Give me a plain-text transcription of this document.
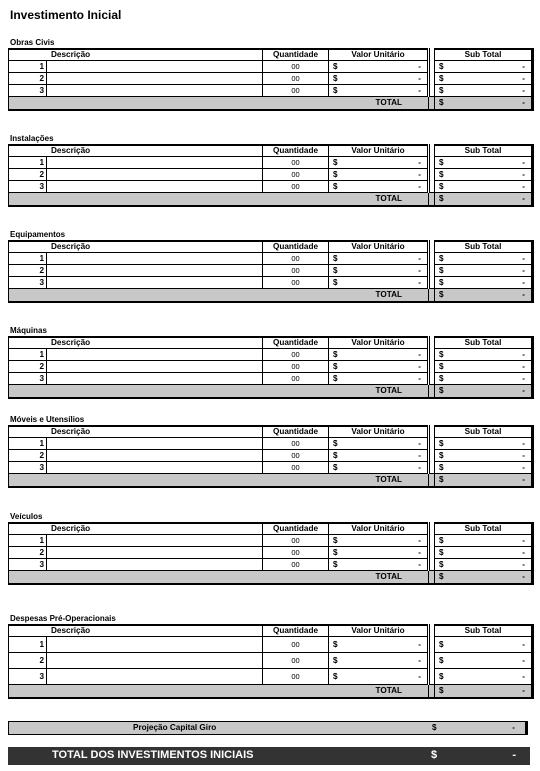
Investimento Inicial
Obras Civis
Descrição		Quantidade	Valor Unitário		Sub Total
1		00	$ -		$ -

2		00	$ -		$ -

3		00	$ -		$ -

TOTAL					$ -
Instalações
Descrição		Quantidade	Valor Unitário		Sub Total
1		00	$ -		$ -

2		00	$ -		$ -

3		00	$ -		$ -

TOTAL					$ -
Equipamentos
Descrição		Quantidade	Valor Unitário		Sub Total
1		00	$ -		$ -

2		00	$ -		$ -

3		00	$ -		$ -

TOTAL					$ -
Máquinas
Descrição		Quantidade	Valor Unitário		Sub Total
1		00	$ -		$ -

2		00	$ -		$ -

3		00	$ -		$ -

TOTAL					$ -
Móveis e Utensílios
Descrição		Quantidade	Valor Unitário		Sub Total
1		00	$ -		$ -

2		00	$ -		$ -

3		00	$ -		$ -

TOTAL					$ -
Veículos
Descrição		Quantidade	Valor Unitário		Sub Total
1		00	$ -		$ -

2		00	$ -		$ -

3		00	$ -		$ -

TOTAL					$ -
Despesas Pré-Operacionais
Descrição		Quantidade	Valor Unitário		Sub Total
1		00	$ -		$ -

2		00	$ -		$ -

3		00	$ -		$ -

TOTAL					$ -
Projeção Capital Giro	$	-
TOTAL DOS INVESTIMENTOS INICIAIS	$	-
